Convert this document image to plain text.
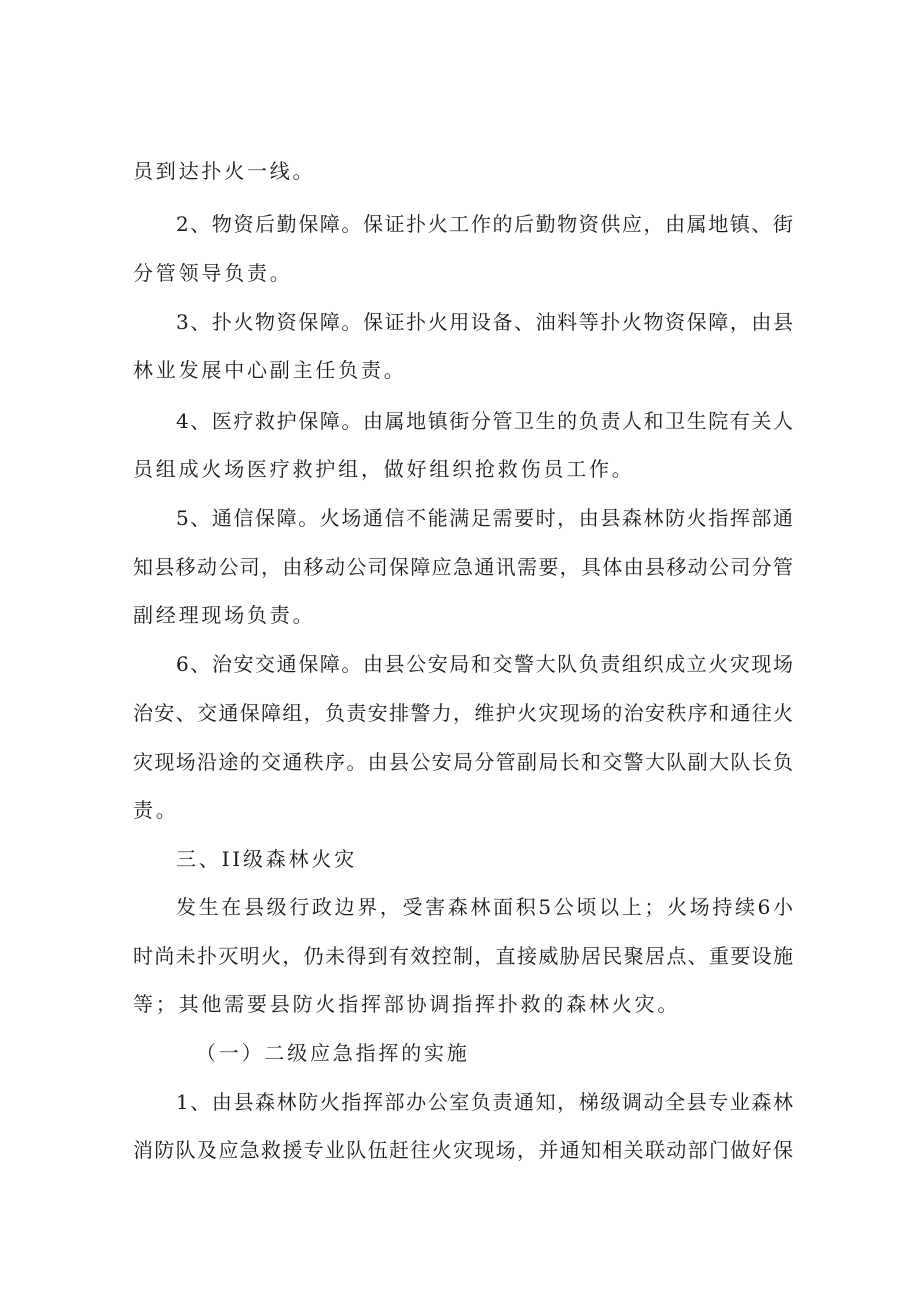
员到达扑火一线。
2、物资后勤保障。保证扑火工作的后勤物资供应，由属地镇、街
分管领导负责。
3、扑火物资保障。保证扑火用设备、油料等扑火物资保障，由县
林业发展中心副主任负责。
4、医疗救护保障。由属地镇街分管卫生的负责人和卫生院有关人
员组成火场医疗救护组，做好组织抢救伤员工作。
5、通信保障。火场通信不能满足需要时，由县森林防火指挥部通
知县移动公司，由移动公司保障应急通讯需要，具体由县移动公司分管
副经理现场负责。
6、治安交通保障。由县公安局和交警大队负责组织成立火灾现场
治安、交通保障组，负责安排警力，维护火灾现场的治安秩序和通往火
灾现场沿途的交通秩序。由县公安局分管副局长和交警大队副大队长负
责。
三、II级森林火灾
发生在县级行政边界，受害森林面积5公顷以上；火场持续6小
时尚未扑灭明火，仍未得到有效控制，直接威胁居民聚居点、重要设施
等；其他需要县防火指挥部协调指挥扑救的森林火灾。
（一）二级应急指挥的实施
1、由县森林防火指挥部办公室负责通知，梯级调动全县专业森林
消防队及应急救援专业队伍赶往火灾现场，并通知相关联动部门做好保
